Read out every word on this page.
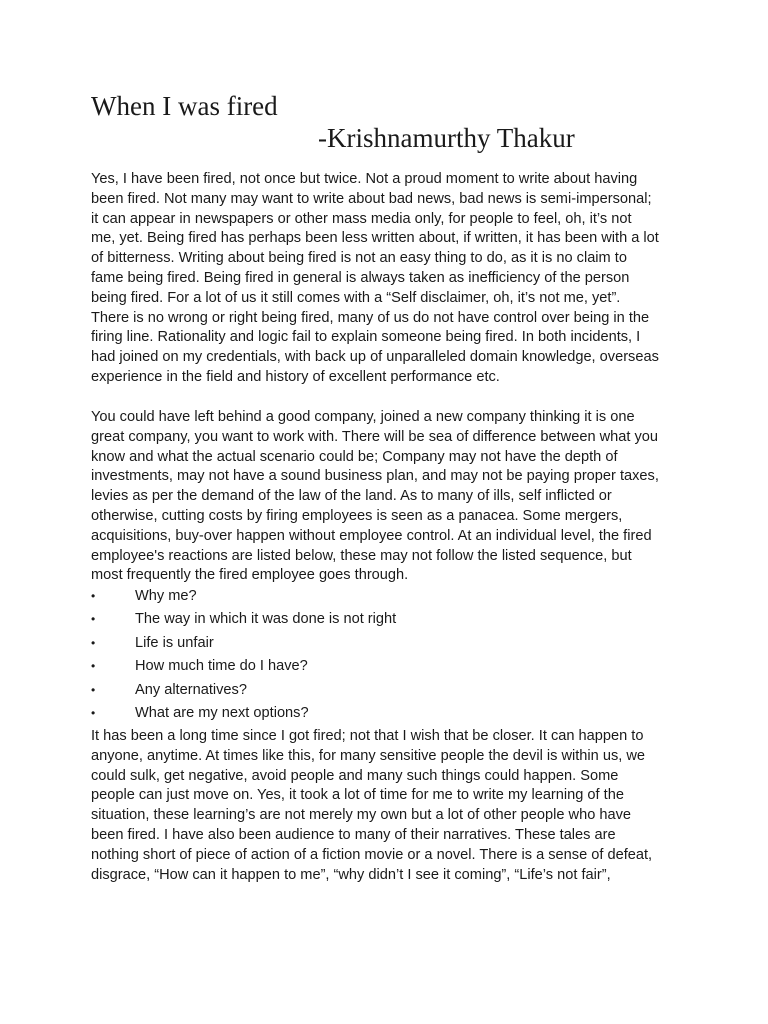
When I was fired
-Krishnamurthy Thakur

Yes, I have been fired, not once but twice. Not a proud moment to write about having
been fired. Not many may want to write about bad news, bad news is semi-impersonal;
it can appear in newspapers or other mass media only, for people to feel, oh, it’s not
me, yet. Being fired has perhaps been less written about, if written, it has been with a lot
of bitterness. Writing about being fired is not an easy thing to do, as it is no claim to
fame being fired. Being fired in general is always taken as inefficiency of the person
being fired. For a lot of us it still comes with a “Self disclaimer, oh, it’s not me, yet”.
There is no wrong or right being fired, many of us do not have control over being in the
firing line. Rationality and logic fail to explain someone being fired. In both incidents, I
had joined on my credentials, with back up of unparalleled domain knowledge, overseas
experience in the field and history of excellent performance etc.

You could have left behind a good company, joined a new company thinking it is one
great company, you want to work with. There will be sea of difference between what you
know and what the actual scenario could be; Company may not have the depth of
investments, may not have a sound business plan, and may not be paying proper taxes,
levies as per the demand of the law of the land. As to many of ills, self inflicted or
otherwise, cutting costs by firing employees is seen as a panacea. Some mergers,
acquisitions, buy-over happen without employee control. At an individual level, the fired
employee's reactions are listed below, these may not follow the listed sequence, but
most frequently the fired employee goes through.

•	Why me?
•	The way in which it was done is not right
•	Life is unfair
•	How much time do I have?
•	Any alternatives?
•	What are my next options?

It has been a long time since I got fired; not that I wish that be closer. It can happen to
anyone, anytime. At times like this, for many sensitive people the devil is within us, we
could sulk, get negative, avoid people and many such things could happen. Some
people can just move on. Yes, it took a lot of time for me to write my learning of the
situation, these learning’s are not merely my own but a lot of other people who have
been fired. I have also been audience to many of their narratives. These tales are
nothing short of piece of action of a fiction movie or a novel. There is a sense of defeat,
disgrace, “How can it happen to me”, “why didn’t I see it coming”, “Life’s not fair”,
